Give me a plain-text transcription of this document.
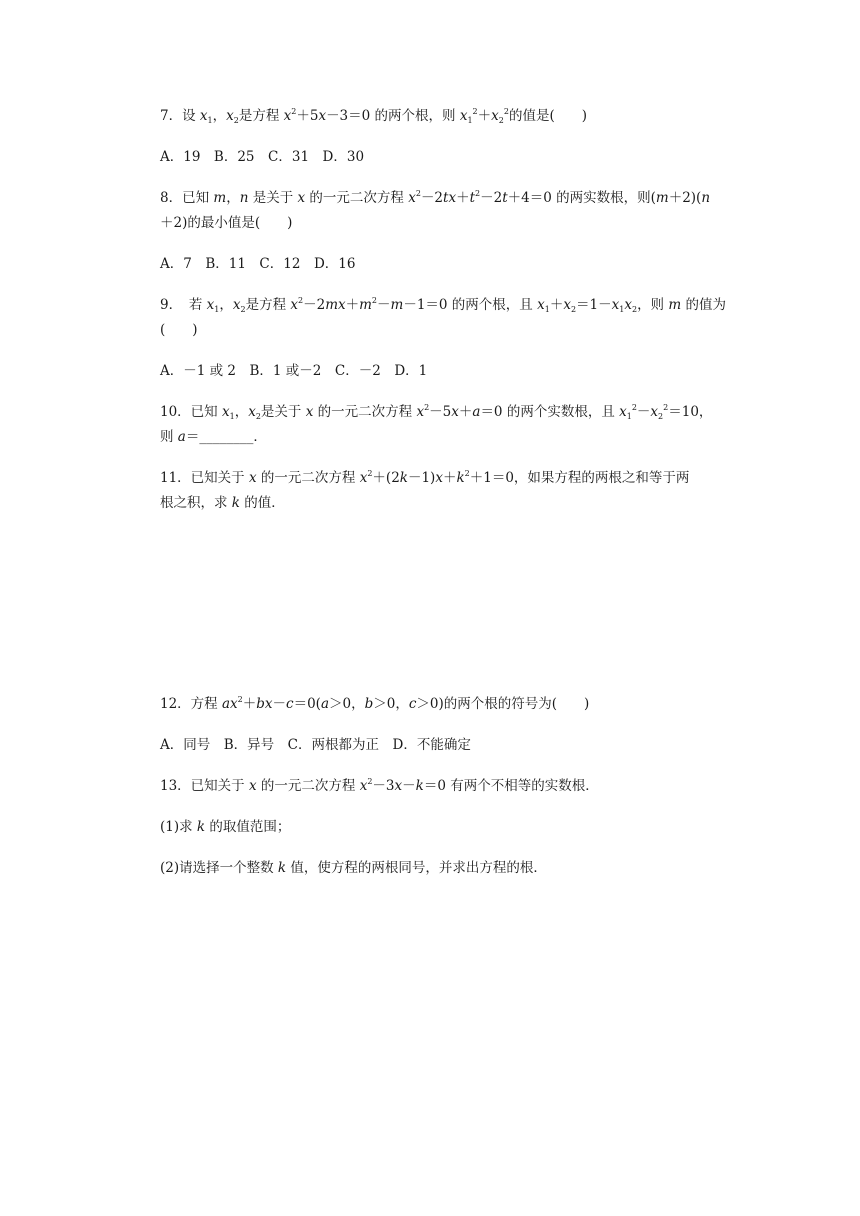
7．设 $x_1$，$x_2$是方程 $x^2+5x-3=0$ 的两个根，则 $x_1^2+x_2^2$的值是(　　)
A．19　B．25　C．31　D．30
8．已知 m，n 是关于 x 的一元二次方程 $x^2-2tx+t^2-2t+4=0$ 的两实数根，则(m＋2)(n
＋2)的最小值是(　　)
A．7　B．11　C．12　D．16
9．　若 $x_1$，$x_2$是方程 $x^2-2mx+m^2-m-1=0$ 的两个根，且 $x_1+x_2=1-x_1x_2$，则 m 的值为
(　　)
A．－1 或 2　B．1 或－2　C．－2　D．1
10．已知 $x_1$，$x_2$是关于 x 的一元二次方程 $x^2-5x+a=0$ 的两个实数根，且 $x_1^2-x_2^2=10$，
则 a＝________．
11．已知关于 x 的一元二次方程 $x^2+(2k-1)x+k^2+1=0$，如果方程的两根之和等于两
根之积，求 k 的值．
12．方程 $ax^2+bx-c=0(a>0$，b＞0，c＞0)的两个根的符号为(　　)
A．同号　B．异号　C．两根都为正　D．不能确定
13．已知关于 x 的一元二次方程 $x^2-3x-k=0$ 有两个不相等的实数根．
(1)求 k 的取值范围；
(2)请选择一个整数 k 值，使方程的两根同号，并求出方程的根．
